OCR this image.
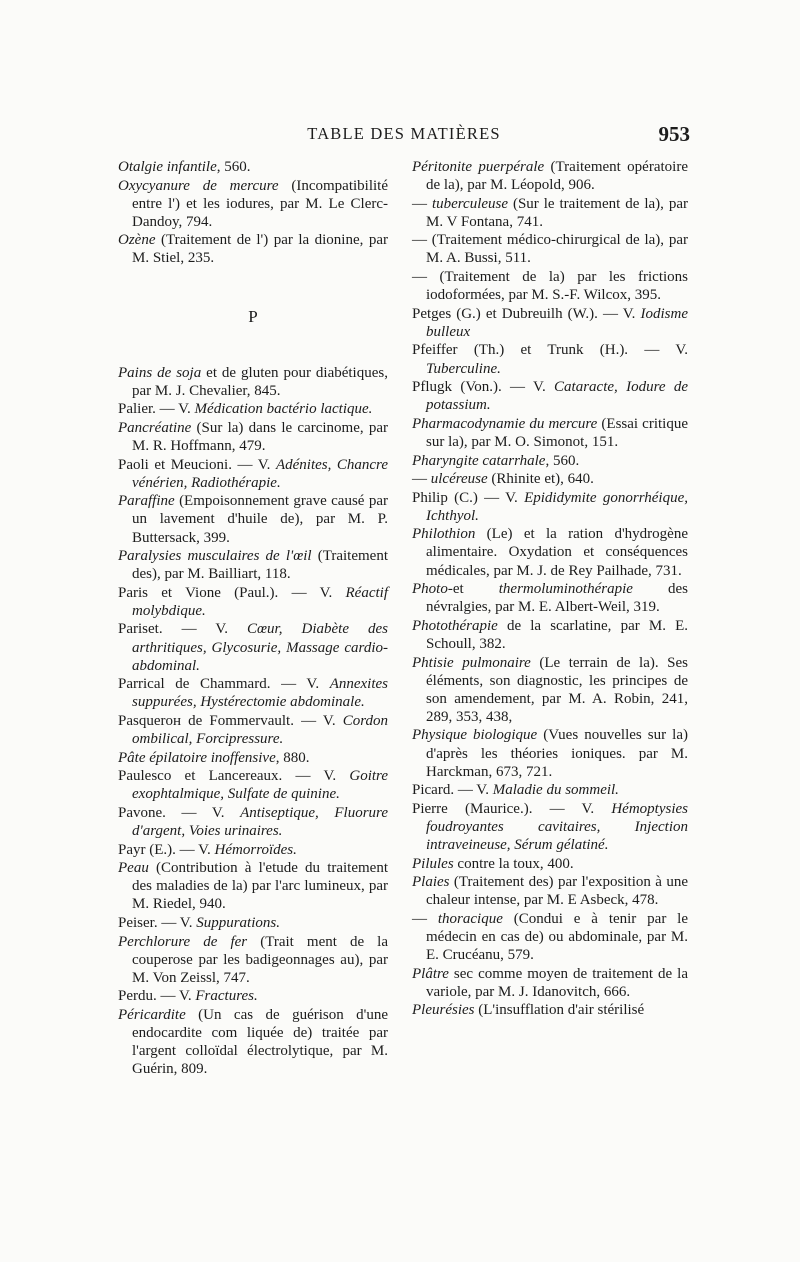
TABLE DES MATIÈRES	953

Otalgie infantile, 560.

Oxycyanure de mercure (Incompatibilité entre l') et les iodures, par M. Le Clerc-Dandoy, 794.

Ozène (Traitement de l') par la dionine, par M. Stiel, 235.

P

Pains de soja et de gluten pour diabétiques, par M. J. Chevalier, 845.

Palier. — V. Médication bactério lactique.

Pancréatine (Sur la) dans le carcinome, par M. R. Hoffmann, 479.

Paoli et Meucioni. — V. Adénites, Chancre vénérien, Radiothérapie.

Paraffine (Empoisonnement grave causé par un lavement d'huile de), par M. P. Buttersack, 399.

Paralysies musculaires de l'œil (Traitement des), par M. Bailliart, 118.

Paris et Vione (Paul.). — V. Réactif molybdique.

Pariset. — V. Cœur, Diabète des arthritiques, Glycosurie, Massage cardio-abdominal.

Parrical de Chammard. — V. Annexites suppurées, Hystérectomie abdominale.

Pasquerон de Fommervault. — V. Cordon ombilical, Forcipressure.

Pâte épilatoire inoffensive, 880.

Paulesco et Lancereaux. — V. Goitre exophtalmique, Sulfate de quinine.

Pavone. — V. Antiseptique, Fluorure d'argent, Voies urinaires.

Payr (E.). — V. Hémorroïdes.

Peau (Contribution à l'etude du traitement des maladies de la) par l'arc lumineux, par M. Riedel, 940.

Peiser. — V. Suppurations.

Perchlorure de fer (Trait ment de la couperose par les badigeonnages au), par M. Von Zeissl, 747.

Perdu. — V. Fractures.

Péricardite (Un cas de guérison d'une endocardite com liquée de) traitée par l'argent colloïdal électrolytique, par M. Guérin, 809.

Péritonite puerpérale (Traitement opératoire de la), par M. Léopold, 906.

— tuberculeuse (Sur le traitement de la), par M. V Fontana, 741.

— (Traitement médico-chirurgical de la), par M. A. Bussi, 511.

— (Traitement de la) par les frictions iodoformées, par M. S.-F. Wilcox, 395.

Petges (G.) et Dubreuilh (W.). — V. Iodisme bulleux

Pfeiffer (Th.) et Trunk (H.). — V. Tuberculine.

Pflugk (Von.). — V. Cataracte, Iodure de potassium.

Pharmacodynamie du mercure (Essai critique sur la), par M. O. Simonot, 151.

Pharyngite catarrhale, 560.

— ulcéreuse (Rhinite et), 640.

Philip (C.) — V. Epididymite gonorrhéique, Ichthyol.

Philothion (Le) et la ration d'hydrogène alimentaire. Oxydation et conséquences médicales, par M. J. de Rey Pailhade, 731.

Photo-et thermoluminothérapie des névralgies, par M. E. Albert-Weil, 319.

Photothérapie de la scarlatine, par M. E. Schoull, 382.

Phtisie pulmonaire (Le terrain de la). Ses éléments, son diagnostic, les principes de son amendement, par M. A. Robin, 241, 289, 353, 438,

Physique biologique (Vues nouvelles sur la) d'après les théories ioniques. par M. Harckman, 673, 721.

Picard. — V. Maladie du sommeil.

Pierre (Maurice.). — V. Hémoptysies foudroyantes cavitaires, Injection intraveineuse, Sérum gélatiné.

Pilules contre la toux, 400.

Plaies (Traitement des) par l'exposition à une chaleur intense, par M. E Asbeck, 478.

— thoracique (Condui e à tenir par le médecin en cas de) ou abdominale, par M. E. Crucéanu, 579.

Plâtre sec comme moyen de traitement de la variole, par M. J. Idanovitch, 666.

Pleurésies (L'insufflation d'air stérilisé
